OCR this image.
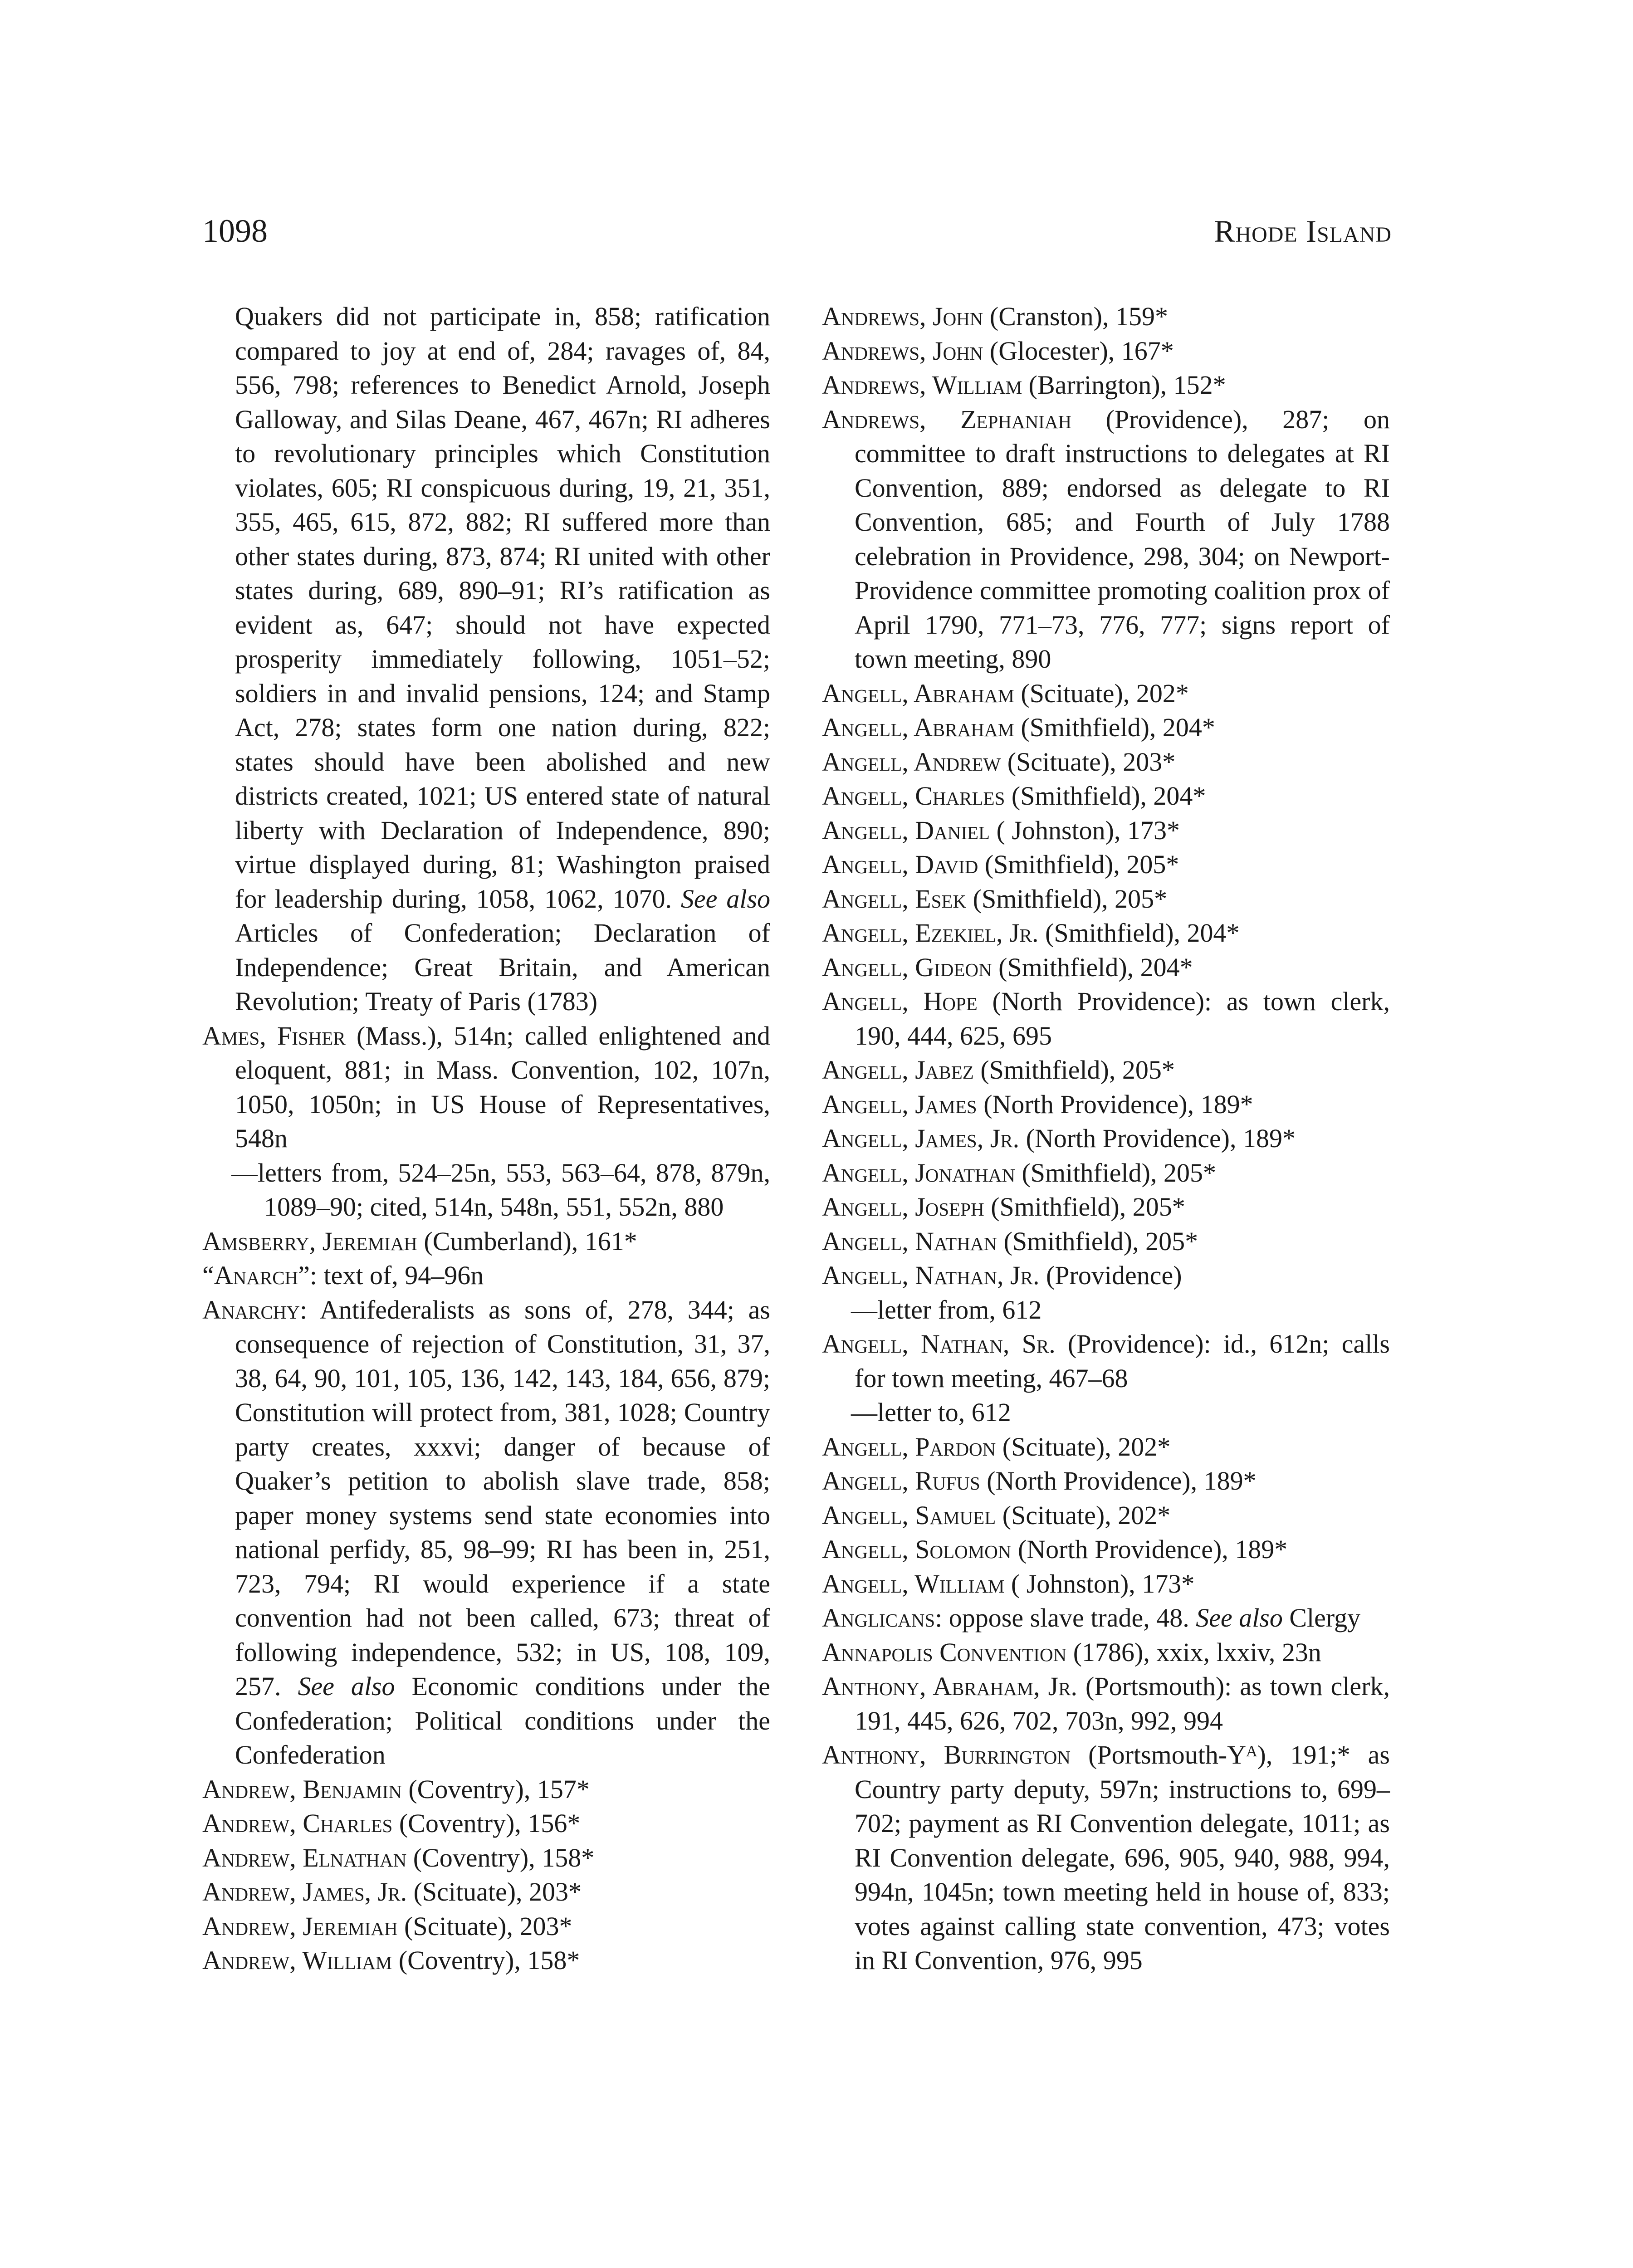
1098	Rhode Island
Quakers did not participate in, 858; ratification compared to joy at end of, 284; ravages of, 84, 556, 798; references to Benedict Arnold, Joseph Galloway, and Silas Deane, 467, 467n; RI adheres to revolutionary principles which Constitution violates, 605; RI conspicuous during, 19, 21, 351, 355, 465, 615, 872, 882; RI suffered more than other states during, 873, 874; RI united with other states during, 689, 890–91; RI’s ratification as evident as, 647; should not have expected prosperity immediately following, 1051–52; soldiers in and invalid pensions, 124; and Stamp Act, 278; states form one nation during, 822; states should have been abolished and new districts created, 1021; US entered state of natural liberty with Declaration of Independence, 890; virtue displayed during, 81; Washington praised for leadership during, 1058, 1062, 1070. See also Articles of Confederation; Declaration of Independence; Great Britain, and American Revolution; Treaty of Paris (1783)
Ames, Fisher (Mass.), 514n; called enlightened and eloquent, 881; in Mass. Convention, 102, 107n, 1050, 1050n; in US House of Representatives, 548n
—letters from, 524–25n, 553, 563–64, 878, 879n, 1089–90; cited, 514n, 548n, 551, 552n, 880
Amsberry, Jeremiah (Cumberland), 161*
“Anarch”: text of, 94–96n
Anarchy: Antifederalists as sons of, 278, 344; as consequence of rejection of Constitution, 31, 37, 38, 64, 90, 101, 105, 136, 142, 143, 184, 656, 879; Constitution will protect from, 381, 1028; Country party creates, xxxvi; danger of because of Quaker’s petition to abolish slave trade, 858; paper money systems send state economies into national perfidy, 85, 98–99; RI has been in, 251, 723, 794; RI would experience if a state convention had not been called, 673; threat of following independence, 532; in US, 108, 109, 257. See also Economic conditions under the Confederation; Political conditions under the Confederation
Andrew, Benjamin (Coventry), 157*
Andrew, Charles (Coventry), 156*
Andrew, Elnathan (Coventry), 158*
Andrew, James, Jr. (Scituate), 203*
Andrew, Jeremiah (Scituate), 203*
Andrew, William (Coventry), 158*
Andrews, John (Cranston), 159*
Andrews, John (Glocester), 167*
Andrews, William (Barrington), 152*
Andrews, Zephaniah (Providence), 287; on committee to draft instructions to delegates at RI Convention, 889; endorsed as delegate to RI Convention, 685; and Fourth of July 1788 celebration in Providence, 298, 304; on Newport-Providence committee promoting coalition prox of April 1790, 771–73, 776, 777; signs report of town meeting, 890
Angell, Abraham (Scituate), 202*
Angell, Abraham (Smithfield), 204*
Angell, Andrew (Scituate), 203*
Angell, Charles (Smithfield), 204*
Angell, Daniel ( Johnston), 173*
Angell, David (Smithfield), 205*
Angell, Esek (Smithfield), 205*
Angell, Ezekiel, Jr. (Smithfield), 204*
Angell, Gideon (Smithfield), 204*
Angell, Hope (North Providence): as town clerk, 190, 444, 625, 695
Angell, Jabez (Smithfield), 205*
Angell, James (North Providence), 189*
Angell, James, Jr. (North Providence), 189*
Angell, Jonathan (Smithfield), 205*
Angell, Joseph (Smithfield), 205*
Angell, Nathan (Smithfield), 205*
Angell, Nathan, Jr. (Providence)
—letter from, 612
Angell, Nathan, Sr. (Providence): id., 612n; calls for town meeting, 467–68
—letter to, 612
Angell, Pardon (Scituate), 202*
Angell, Rufus (North Providence), 189*
Angell, Samuel (Scituate), 202*
Angell, Solomon (North Providence), 189*
Angell, William ( Johnston), 173*
Anglicans: oppose slave trade, 48. See also Clergy
Annapolis Convention (1786), xxix, lxxiv, 23n
Anthony, Abraham, Jr. (Portsmouth): as town clerk, 191, 445, 626, 702, 703n, 992, 994
Anthony, Burrington (Portsmouth-Yᴬ), 191;* as Country party deputy, 597n; instructions to, 699–702; payment as RI Convention delegate, 1011; as RI Convention delegate, 696, 905, 940, 988, 994, 994n, 1045n; town meeting held in house of, 833; votes against calling state convention, 473; votes in RI Convention, 976, 995
